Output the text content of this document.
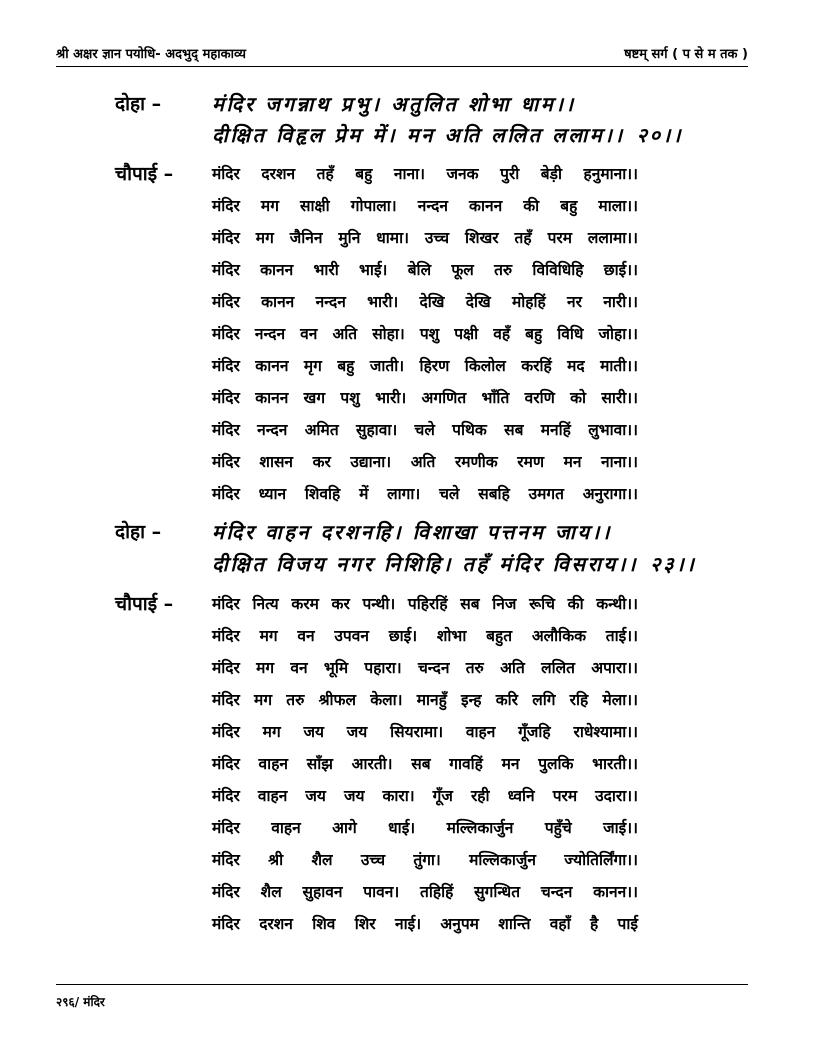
श्री अक्षर ज्ञान पयोधि- अदभुद् महाकाव्य	षष्टम् सर्ग ( प से म तक )
दोहा –	मंदिर जगन्नाथ प्रभु। अतुलित शोभा धाम।।
दीक्षित विहृल प्रेम में। मन अति ललित ललाम।। २०।।
चौपाई –	मंदिर दरशन तहँ बहु नाना। जनक पुरी बेड़ी हनुमाना।।
मंदिर मग साक्षी गोपाला। नन्दन कानन की बहु माला।।
मंदिर मग जैनिन मुनि धामा। उच्च शिखर तहँ परम ललामा।।
मंदिर कानन भारी भाई। बेलि फूल तरु विविधिहि छाई।।
मंदिर कानन नन्दन भारी। देखि देखि मोहहिं नर नारी।।
मंदिर नन्दन वन अति सोहा। पशु पक्षी वहँ बहु विधि जोहा।।
मंदिर कानन मृग बहु जाती। हिरण किलोल करहिं मद माती।।
मंदिर कानन खग पशु भारी। अगणित भाँति वरणि को सारी।।
मंदिर नन्दन अमित सुहावा। चले पथिक सब मनहिं लुभावा।।
मंदिर शासन कर उद्याना। अति रमणीक रमण मन नाना।।
मंदिर ध्यान शिवहि में लागा। चले सबहि उमगत अनुरागा।।
दोहा –	मंदिर वाहन दरशनहि। विशाखा पत्तनम जाय।।
दीक्षित विजय नगर निशिहि। तहँ मंदिर विसराय।। २३।।
चौपाई –	मंदिर नित्य करम कर पन्थी। पहिरहिं सब निज रूचि की कन्थी।।
मंदिर मग वन उपवन छाई। शोभा बहुत अलौकिक ताई।।
मंदिर मग वन भूमि पहारा। चन्दन तरु अति ललित अपारा।।
मंदिर मग तरु श्रीफल केला। मानहुँ इन्ह करि लगि रहि मेला।।
मंदिर मग जय जय सियरामा। वाहन गूँजहि राधेश्यामा।।
मंदिर वाहन साँझ आरती। सब गावहिं मन पुलकि भारती।।
मंदिर वाहन जय जय कारा। गूँज रही ध्वनि परम उदारा।।
मंदिर वाहन आगे धाई। मल्लिकार्जुन पहुँचे जाई।।
मंदिर श्री शैल उच्च तुंगा। मल्लिकार्जुन ज्योतिर्लिंगा।।
मंदिर शैल सुहावन पावन। तहिहिं सुगन्धित चन्दन कानन।।
मंदिर दरशन शिव शिर नाई। अनुपम शान्ति वहाँ है पाई
२९६/ मंदिर
